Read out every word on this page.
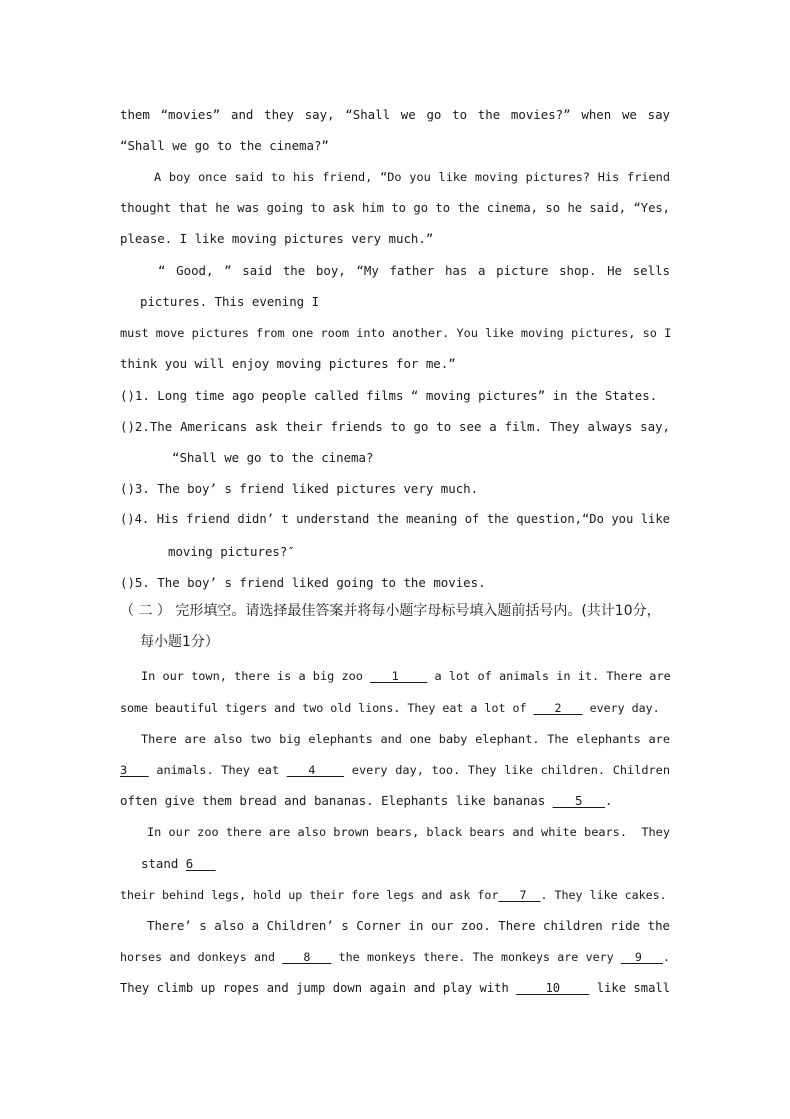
them “movies” and they say, “Shall we go to the movies?” when we say
“Shall we go to the cinema?”
A boy once said to his friend, “Do you like moving pictures? His friend
thought that he was going to ask him to go to the cinema, so he said, “Yes,
please. I like moving pictures very much.”
“ Good, ” said the boy, “My father has a picture shop. He sells
pictures. This evening I
must move pictures from one room into another. You like moving pictures, so I
think you will enjoy moving pictures for me.”
()1. Long time ago people called films “ moving pictures” in the States.
()2.The Americans ask their friends to go to see a film. They always say,
“Shall we go to the cinema?
()3. The boy’ s friend liked pictures very much.
()4. His friend didn’ t understand the meaning of the question,“Do you like
moving pictures?″
()5. The boy’ s friend liked going to the movies.
（ 二 ） 完形填空。请选择最佳答案并将每小题字母标号填入题前括号内。(共计10分，
每小题1分）
In our town, there is a big zoo ___1____ a lot of animals in it. There are
some beautiful tigers and two old lions. They eat a lot of ___2___ every day.
There are also two big elephants and one baby elephant. The elephants are
3___ animals. They eat ___4____ every day, too. They like children. Children
often give them bread and bananas. Elephants like bananas ___5___.
In our zoo there are also brown bears, black bears and white bears.  They
stand 6___
their behind legs, hold up their fore legs and ask for___7__. They like cakes.
There’ s also a Children’ s Corner in our zoo. There children ride the
horses and donkeys and ___8___ the monkeys there. The monkeys are very __9___.
They climb up ropes and jump down again and play with ____10____ like small
